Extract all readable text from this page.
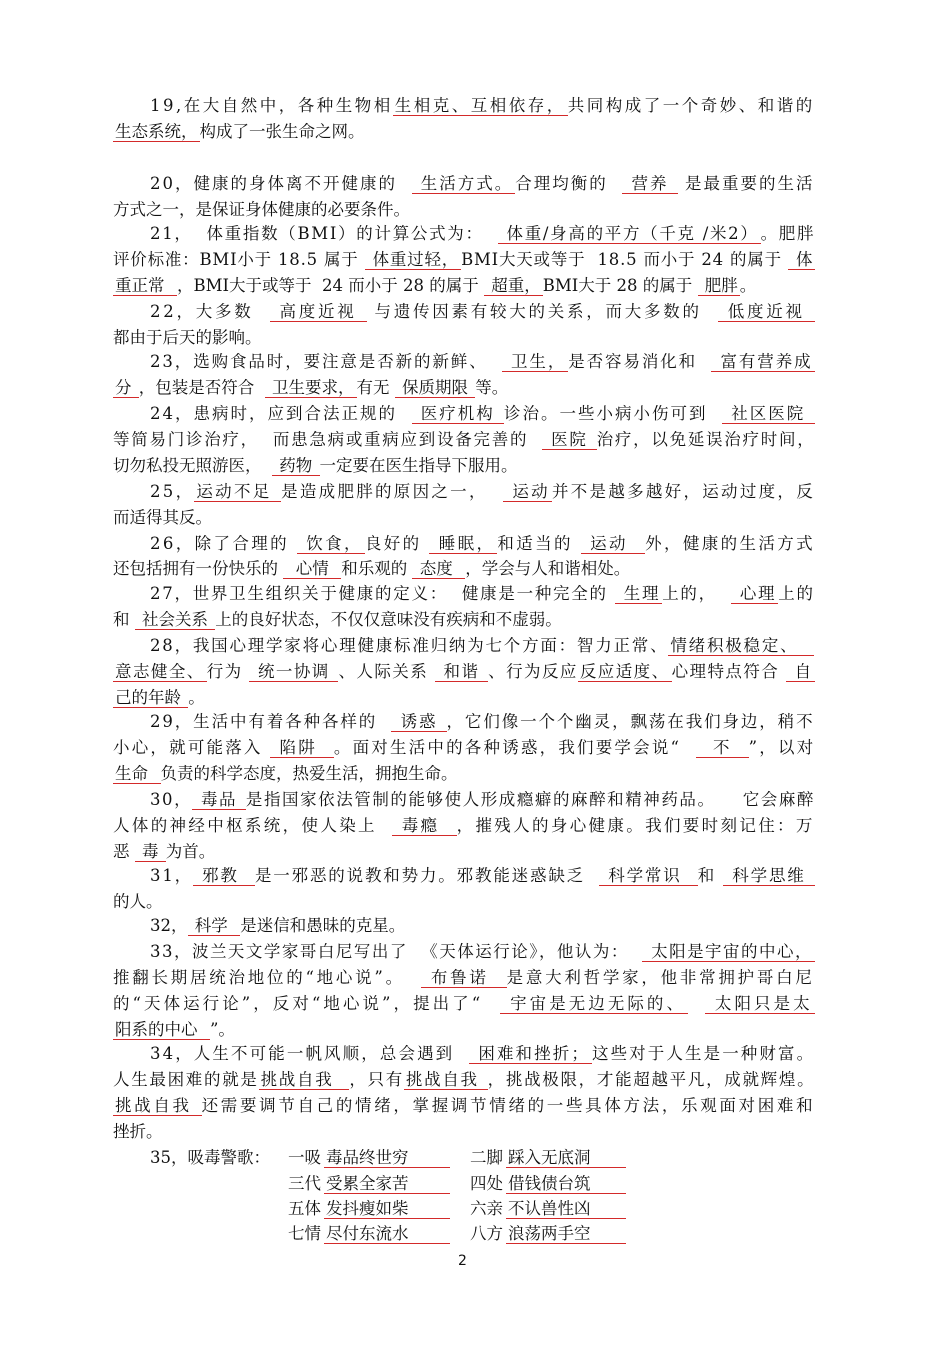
19,在大自然中，各种生物相 生相克、互相依存， 共同构成了一个奇妙、和谐的
生态系统， 构成了一张生命之网。
20，健康的身体离不开健康的   生活方式。 合理均衡的   营养  是最重要的生活
方式之一，是保证身体健康的必要条件。
21，  体重指数（BMI）的计算公式为：   体重/身高的平方（千克 /米2） 。肥胖
评价标准：BMI小于 18.5 属于  体重过轻， BMI大天或等于  18.5 而小于 24 的属于  体
重正常  ，BMI大于或等于  24 而小于 28 的属于  超重， BMI大于 28 的属于  肥胖 。
22，大多数   高度近视  与遗传因素有较大的关系，而大多数的   低度近视
都由于后天的影响。
23，选购食品时，要注意是否新的新鲜、   卫生， 是否容易消化和   富有营养成
分 ，包装是否符合   卫生要求， 有无  保质期限 等。
24，患病时，应到合法正规的   医疗机构 诊治。一些小病小伤可到   社区医院
等简易门诊治疗，  而患急病或重病应到设备完善的   医院 治疗，以免延误治疗时间，
切勿私投无照游医，   药物 一定要在医生指导下服用。
25， 运动不足 是造成肥胖的原因之一，   运动 并不是越多越好，运动过度，反
而适得其反。
26，除了合理的  饮食， 良好的  睡眠， 和适当的  运动  外，健康的生活方式
还包括拥有一份快乐的   心情  和乐观的  态度  ，学会与人和谐相处。
27，世界卫生组织关于健康的定义：  健康是一种完全的  生理 上的，   心理 上的
和  社会关系 上的良好状态，不仅仅意味没有疾病和不虚弱。
28，我国心理学家将心理健康标准归纳为七个方面：智力正常、 情绪积极稳定、
意志健全、 行为  统一协调 、人际关系  和谐 、行为反应 反应适度、 心理特点符合  自
己的年龄 。
29，生活中有着各种各样的   诱惑 ，它们像一个个幽灵，飘荡在我们身边，稍不
小心，就可能落入  陷阱  。面对生活中的各种诱惑，我们要学会说“    不  ”，以对
生命  负责的科学态度，热爱生活，拥抱生命。
30， 毒品 是指国家依法管制的能够使人形成瘾癖的麻醉和精神药品。    它会麻醉
人体的神经中枢系统，使人染上   毒瘾  ，摧残人的身心健康。我们要时刻记住：万
恶  毒 为首。
31， 邪教  是一邪恶的说教和势力。邪教能迷惑缺乏   科学常识  和  科学思维
的人。
32， 科学  是迷信和愚昧的克星。
33，波兰天文学家哥白尼写出了  《天体运行论》，他认为：   太阳是宇宙的中心，
推翻长期居统治地位的“地心说”。   布鲁诺  是意大利哲学家，他非常拥护哥白尼
的“天体运行论”，反对“地心说”，提出了“   宇宙是无边无际的、   太阳只是太
阳系的中心  ”。
34，人生不可能一帆风顺，总会遇到   困难和挫折； 这些对于人生是一种财富。
人生最困难的就是 挑战自我  ，只有 挑战自我 ，挑战极限，才能超越平凡，成就辉煌。
挑战自我 还需要调节自己的情绪，掌握调节情绪的一些具体方法，乐观面对困难和
挫折。
35，吸毒警歌： 一吸 毒品终世穷	二脚 踩入无底洞
三代 受累全家苦	四处 借钱债台筑
五体 发抖瘦如柴	六亲 不认兽性凶
七情 尽付东流水	八方 浪荡两手空
2
